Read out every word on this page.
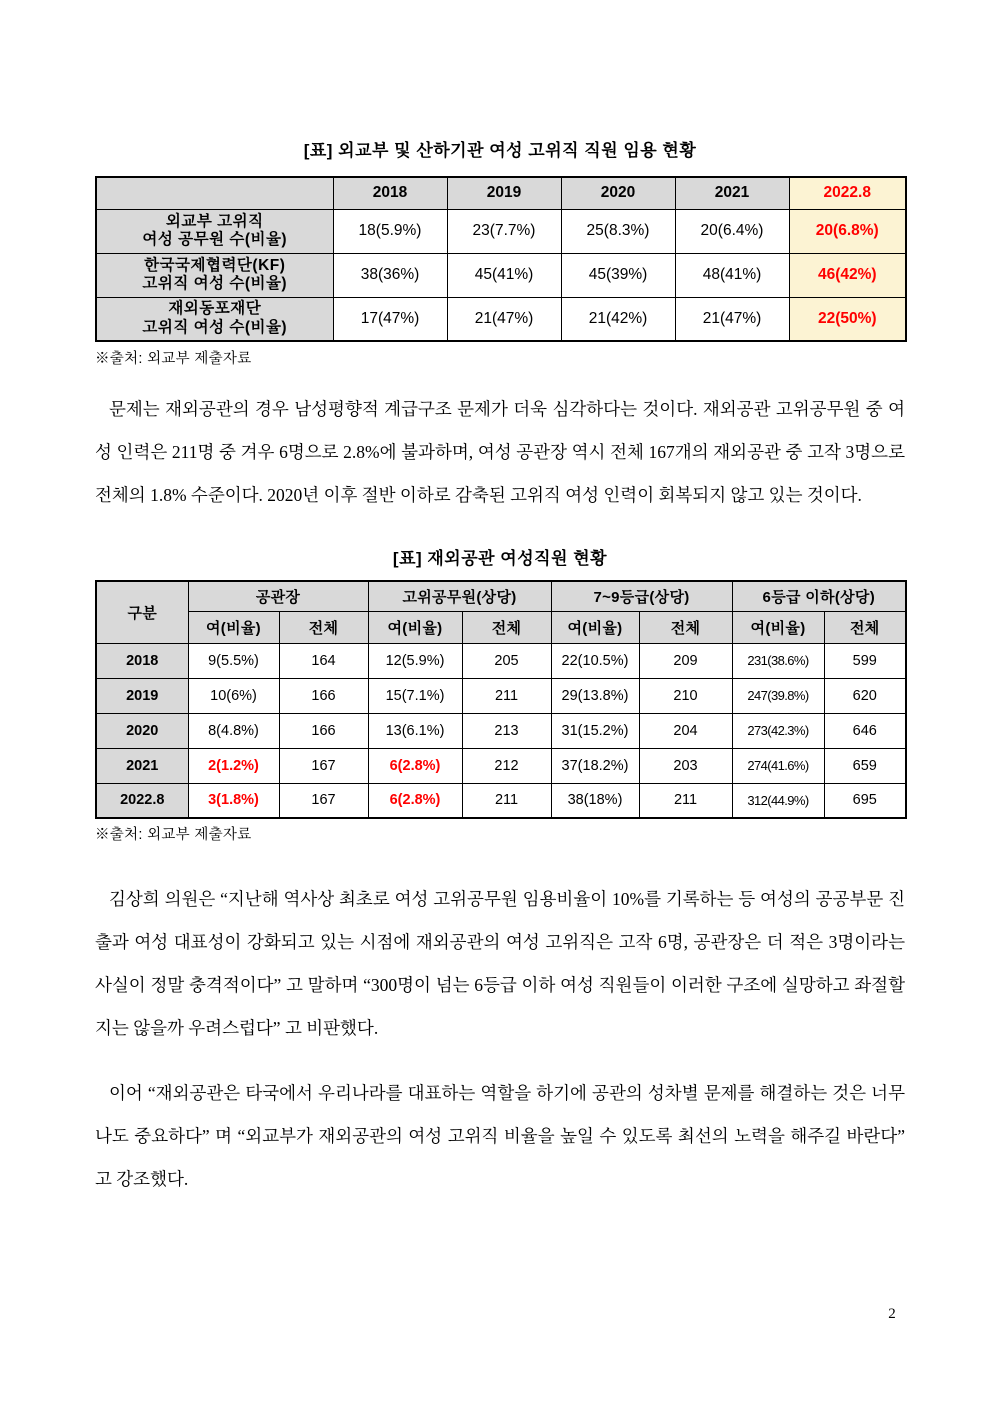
[표] 외교부 및 산하기관 여성 고위직 직원 임용 현황
	2018	2019	2020	2021	2022.8

외교부 고위직
여성 공무원 수(비율)	18(5.9%)	23(7.7%)	25(8.3%)	20(6.4%)	20(6.8%)

한국국제협력단(KF)
고위직 여성 수(비율)	38(36%)	45(41%)	45(39%)	48(41%)	46(42%)

재외동포재단
고위직 여성 수(비율)	17(47%)	21(47%)	21(42%)	21(47%)	22(50%)
※출처: 외교부 제출자료

문제는 재외공관의 경우 남성평향적 계급구조 문제가 더욱 심각하다는 것이다. 재외공관 고위공무원 중 여성 인력은 211명 중 겨우 6명으로 2.8%에 불과하며, 여성 공관장 역시 전체 167개의 재외공관 중 고작 3명으로 전체의 1.8% 수준이다. 2020년 이후 절반 이하로 감축된 고위직 여성 인력이 회복되지 않고 있는 것이다.

[표] 재외공관 여성직원 현황
구분	공관장		고위공무원(상당)		7~9등급(상당)		6등급 이하(상당)	
	여(비율)	전체	여(비율)	전체	여(비율)	전체	여(비율)	전체
2018	9(5.5%)	164	12(5.9%)	205	22(10.5%)	209	231(38.6%)	599
2019	10(6%)	166	15(7.1%)	211	29(13.8%)	210	247(39.8%)	620
2020	8(4.8%)	166	13(6.1%)	213	31(15.2%)	204	273(42.3%)	646
2021	2(1.2%)	167	6(2.8%)	212	37(18.2%)	203	274(41.6%)	659
2022.8	3(1.8%)	167	6(2.8%)	211	38(18%)	211	312(44.9%)	695
※출처: 외교부 제출자료

김상희 의원은 “지난해 역사상 최초로 여성 고위공무원 임용비율이 10%를 기록하는 등 여성의 공공부문 진출과 여성 대표성이 강화되고 있는 시점에 재외공관의 여성 고위직은 고작 6명, 공관장은 더 적은 3명이라는 사실이 정말 충격적이다” 고 말하며 “300명이 넘는 6등급 이하 여성 직원들이 이러한 구조에 실망하고 좌절할지는 않을까 우려스럽다” 고 비판했다.

이어 “재외공관은 타국에서 우리나라를 대표하는 역할을 하기에 공관의 성차별 문제를 해결하는 것은 너무나도 중요하다” 며 “외교부가 재외공관의 여성 고위직 비율을 높일 수 있도록 최선의 노력을 해주길 바란다” 고 강조했다.

2
